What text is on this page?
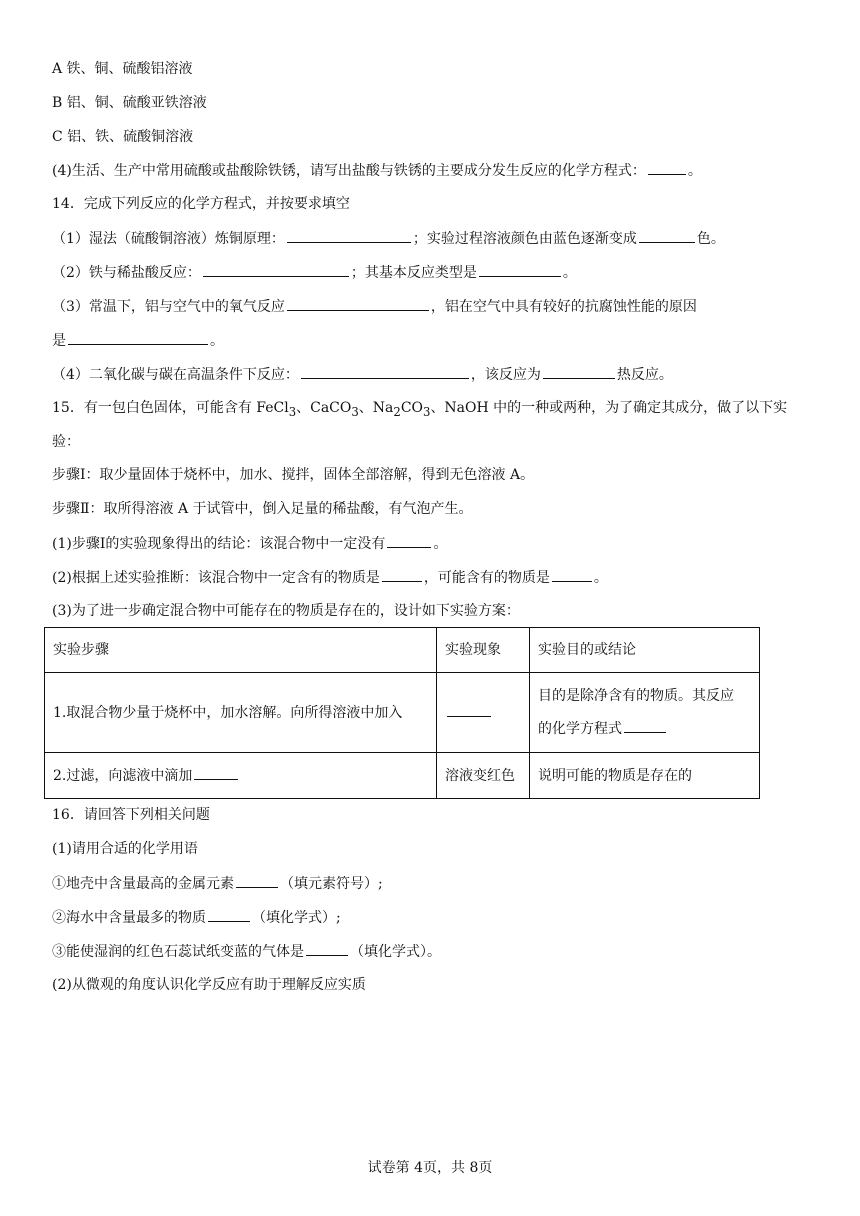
A 铁、铜、硫酸铝溶液
B 铝、铜、硫酸亚铁溶液
C 铝、铁、硫酸铜溶液
(4)生活、生产中常用硫酸或盐酸除铁锈，请写出盐酸与铁锈的主要成分发生反应的化学方程式：	。
14．完成下列反应的化学方程式，并按要求填空
（1）湿法（硫酸铜溶液）炼铜原理：	；实验过程溶液颜色由蓝色逐渐变成	色。
（2）铁与稀盐酸反应：	；其基本反应类型是	。
（3）常温下，铝与空气中的氧气反应	，铝在空气中具有较好的抗腐蚀性能的原因
是	。
（4）二氧化碳与碳在高温条件下反应：	，该反应为	热反应。
15．有一包白色固体，可能含有 FeCl$_3$、CaCO$_3$、$Na_2CO_3$、NaOH 中的一种或两种，为了确定其成分，做了以下实
验：
步骤Ⅰ：取少量固体于烧杯中，加水、搅拌，固体全部溶解，得到无色溶液 A。
步骤Ⅱ：取所得溶液 A 于试管中，倒入足量的稀盐酸，有气泡产生。
(1)步骤Ⅰ的实验现象得出的结论：该混合物中一定没有	。
(2)根据上述实验推断：该混合物中一定含有的物质是	，可能含有的物质是	。
(3)为了进一步确定混合物中可能存在的物质是存在的，设计如下实验方案：
实验步骤	实验现象	实验目的或结论
1.取混合物少量于烧杯中，加水溶解。向所得溶液中加入		目的是除净含有的物质。其反应
的化学方程式

2.过滤，向滤液中滴加	溶液变红色	说明可能的物质是存在的
16．请回答下列相关问题
(1)请用合适的化学用语
①地壳中含量最高的金属元素	（填元素符号）;
②海水中含量最多的物质	（填化学式）;
③能使湿润的红色石蕊试纸变蓝的气体是	（填化学式）。
(2)从微观的角度认识化学反应有助于理解反应实质
试卷第 4页，共 8页
